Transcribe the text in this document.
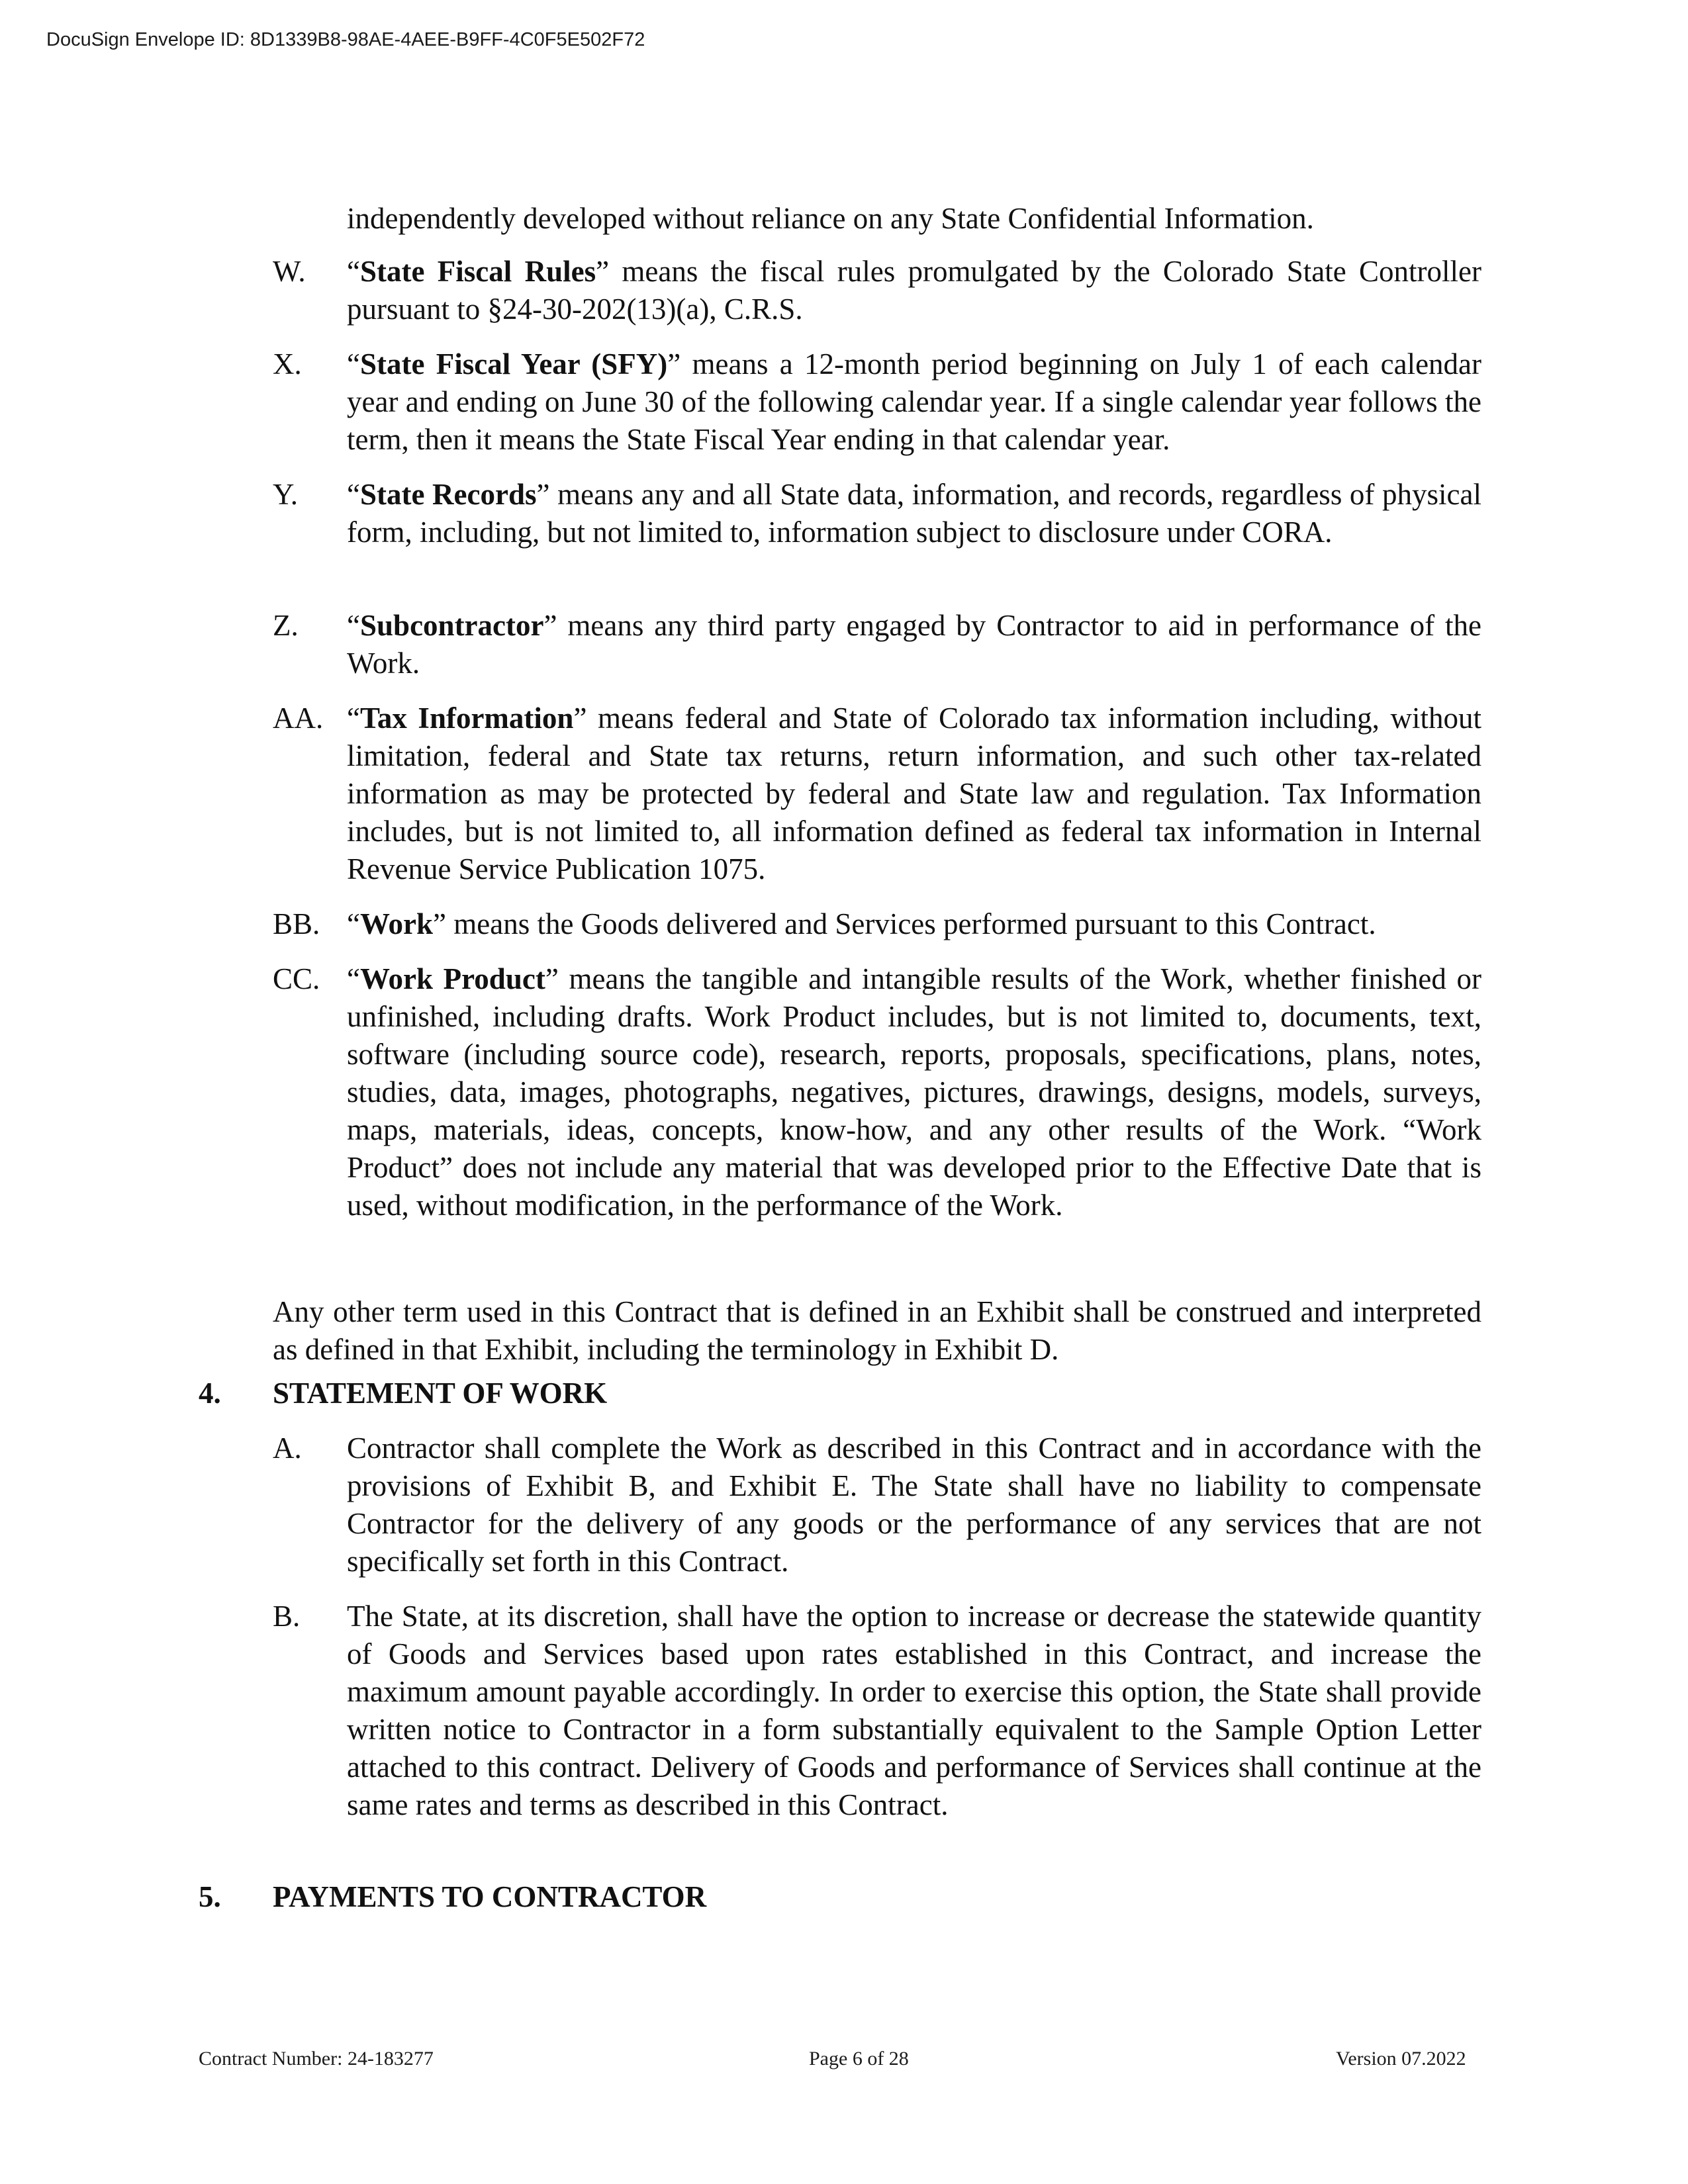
DocuSign Envelope ID: 8D1339B8-98AE-4AEE-B9FF-4C0F5E502F72
independently developed without reliance on any State Confidential Information.
W. “State Fiscal Rules” means the fiscal rules promulgated by the Colorado State Controller pursuant to §24-30-202(13)(a), C.R.S.
X. “State Fiscal Year (SFY)” means a 12-month period beginning on July 1 of each calendar year and ending on June 30 of the following calendar year. If a single calendar year follows the term, then it means the State Fiscal Year ending in that calendar year.
Y. “State Records” means any and all State data, information, and records, regardless of physical form, including, but not limited to, information subject to disclosure under CORA.
Z. “Subcontractor” means any third party engaged by Contractor to aid in performance of the Work.
AA. “Tax Information” means federal and State of Colorado tax information including, without limitation, federal and State tax returns, return information, and such other tax-related information as may be protected by federal and State law and regulation. Tax Information includes, but is not limited to, all information defined as federal tax information in Internal Revenue Service Publication 1075.
BB. “Work” means the Goods delivered and Services performed pursuant to this Contract.
CC. “Work Product” means the tangible and intangible results of the Work, whether finished or unfinished, including drafts. Work Product includes, but is not limited to, documents, text, software (including source code), research, reports, proposals, specifications, plans, notes, studies, data, images, photographs, negatives, pictures, drawings, designs, models, surveys, maps, materials, ideas, concepts, know-how, and any other results of the Work. “Work Product” does not include any material that was developed prior to the Effective Date that is used, without modification, in the performance of the Work.
Any other term used in this Contract that is defined in an Exhibit shall be construed and interpreted as defined in that Exhibit, including the terminology in Exhibit D.
4. STATEMENT OF WORK
A. Contractor shall complete the Work as described in this Contract and in accordance with the provisions of Exhibit B, and Exhibit E. The State shall have no liability to compensate Contractor for the delivery of any goods or the performance of any services that are not specifically set forth in this Contract.
B. The State, at its discretion, shall have the option to increase or decrease the statewide quantity of Goods and Services based upon rates established in this Contract, and increase the maximum amount payable accordingly. In order to exercise this option, the State shall provide written notice to Contractor in a form substantially equivalent to the Sample Option Letter attached to this contract. Delivery of Goods and performance of Services shall continue at the same rates and terms as described in this Contract.
5. PAYMENTS TO CONTRACTOR
Contract Number: 24-183277	Page 6 of 28	Version 07.2022
